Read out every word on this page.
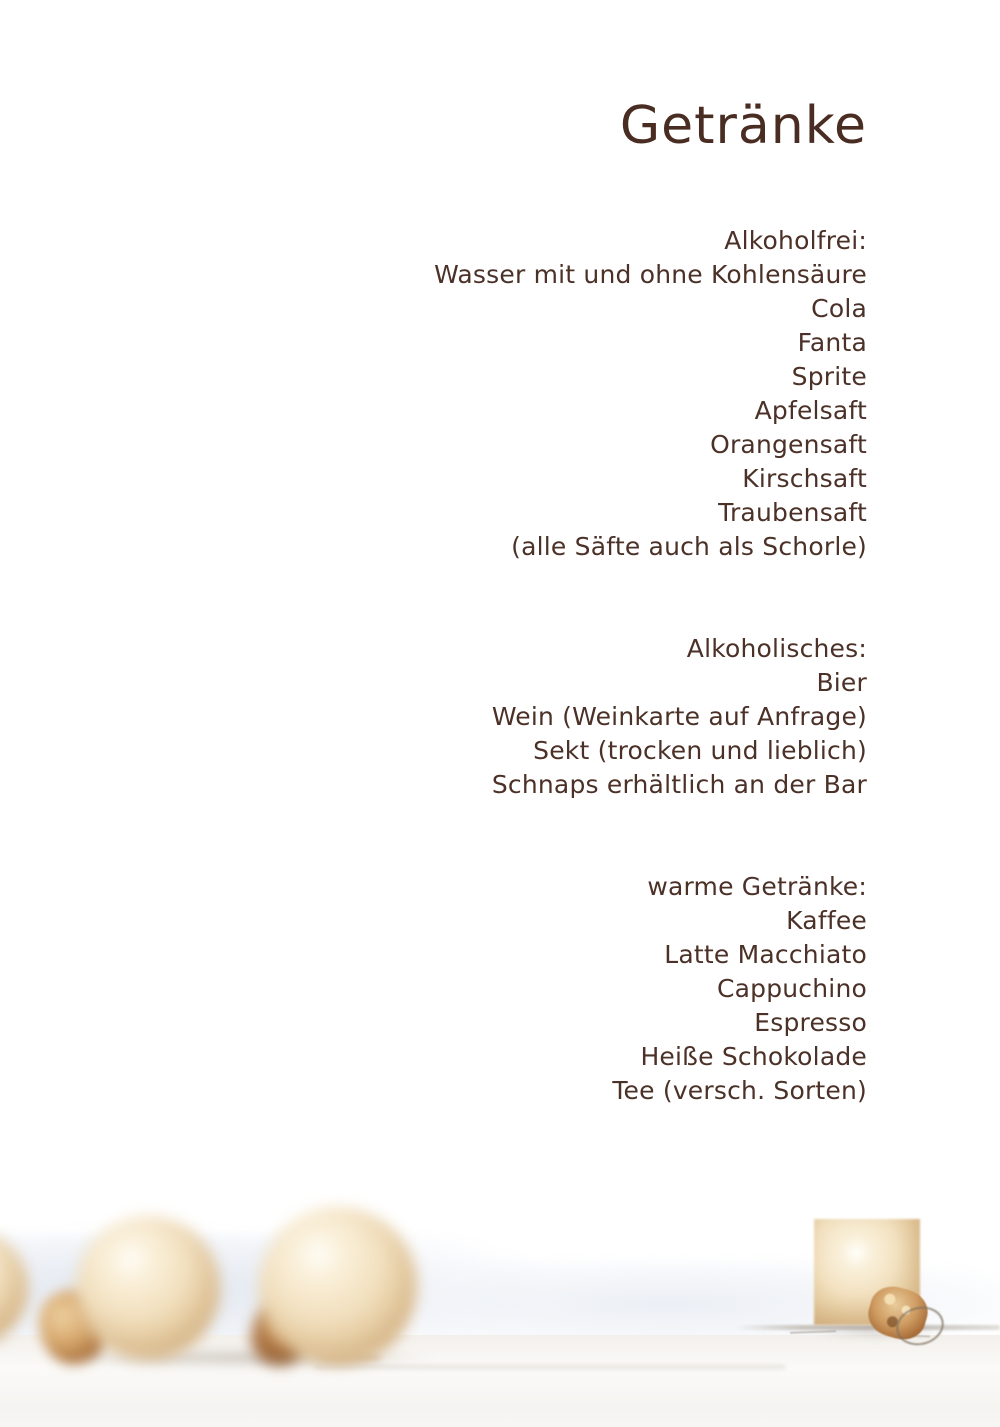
Getränke
Alkoholfrei:
Wasser mit und ohne Kohlensäure
Cola
Fanta
Sprite
Apfelsaft
Orangensaft
Kirschsaft
Traubensaft
(alle Säfte auch als Schorle)
Alkoholisches:
Bier
Wein (Weinkarte auf Anfrage)
Sekt (trocken und lieblich)
Schnaps erhältlich an der Bar
warme Getränke:
Kaffee
Latte Macchiato
Cappuchino
Espresso
Heiße Schokolade
Tee (versch. Sorten)
